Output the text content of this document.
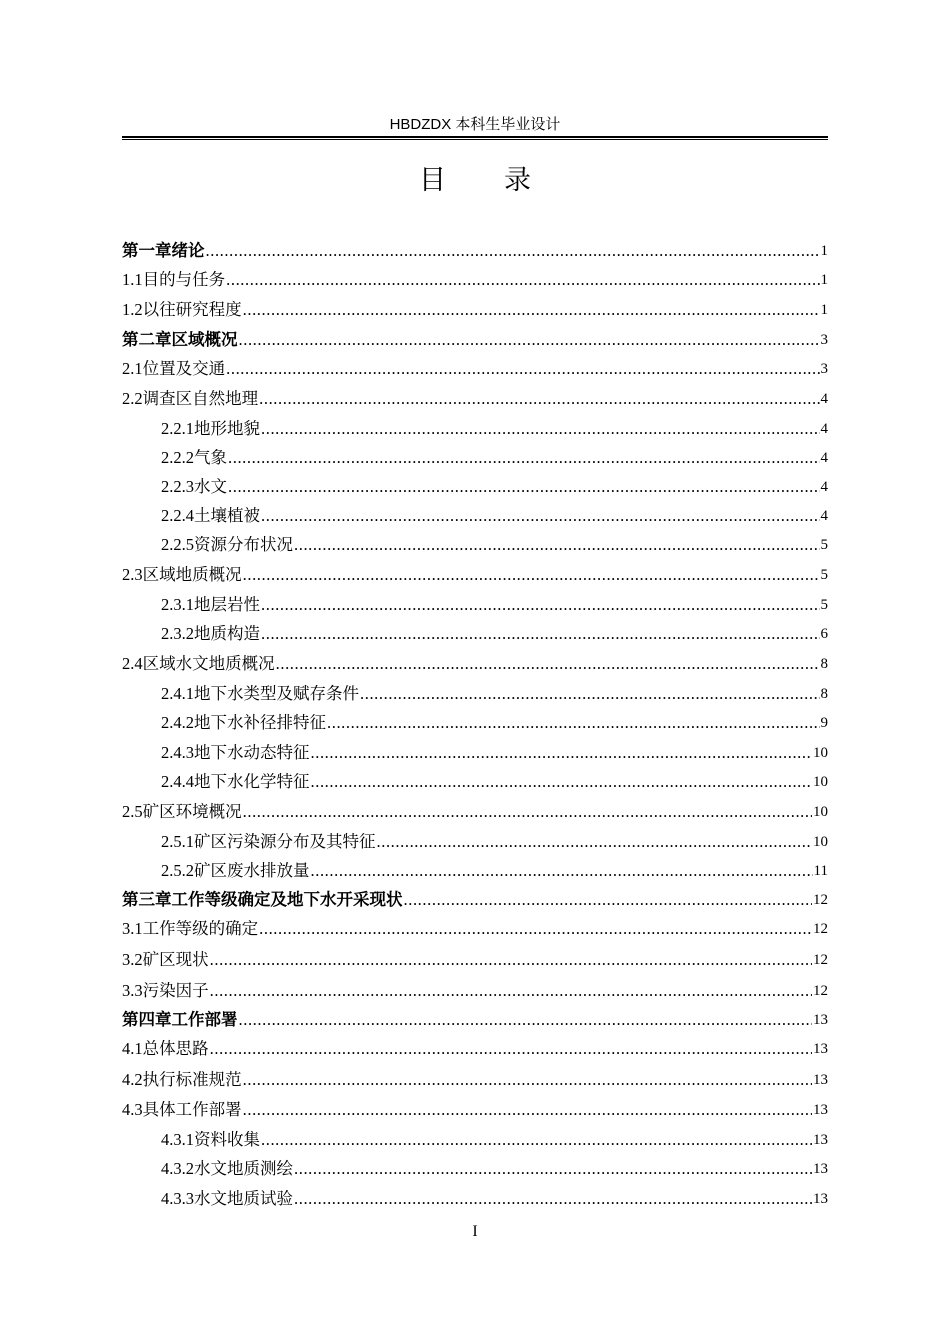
HBDZDX 本科生毕业设计
目 录
第一章 绪论 .....	1
1.1 目的与任务 .....	1
1.2 以往研究程度 .....	1
第二章 区域概况 .....	3
2.1 位置及交通 .....	3
2.2 调查区自然地理 .....	4
2.2.1 地形地貌 .....	4
2.2.2 气象 .....	4
2.2.3 水文 .....	4
2.2.4 土壤植被 .....	4
2.2.5 资源分布状况 .....	5
2.3 区域地质概况 .....	5
2.3.1 地层岩性 .....	5
2.3.2 地质构造 .....	6
2.4 区域水文地质概况 .....	8
2.4.1 地下水类型及赋存条件 .....	8
2.4.2 地下水补径排特征 .....	9
2.4.3 地下水动态特征 .....	10
2.4.4 地下水化学特征 .....	10
2.5 矿区环境概况 .....	10
2.5.1 矿区污染源分布及其特征 .....	10
2.5.2 矿区废水排放量 .....	11
第三章 工作等级确定及地下水开采现状 .....	12
3.1 工作等级的确定 .....	12
3.2 矿区现状 .....	12
3.3 污染因子 .....	12
第四章 工作部署 .....	13
4.1 总体思路 .....	13
4.2 执行标准规范 .....	13
4.3 具体工作部署 .....	13
4.3.1 资料收集 .....	13
4.3.2 水文地质测绘 .....	13
4.3.3 水文地质试验 .....	13
I
